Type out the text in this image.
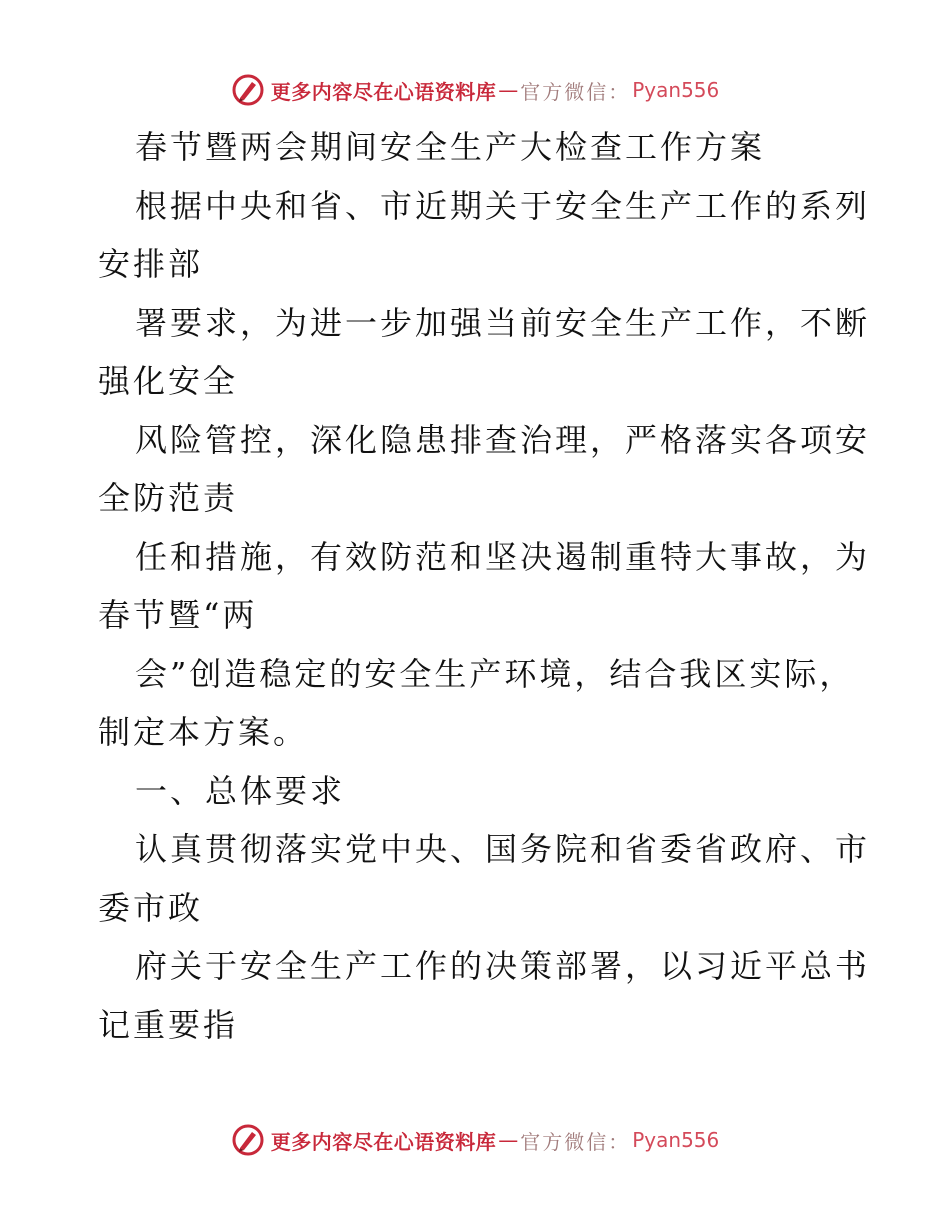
更多内容尽在心语资料库 — 官方微信： Pyan556
春节暨两会期间安全生产大检查工作方案
根据中央和省、市近期关于安全生产工作的系列
安排部
署要求，为进一步加强当前安全生产工作，不断
强化安全
风险管控，深化隐患排查治理，严格落实各项安
全防范责
任和措施，有效防范和坚决遏制重特大事故，为
春节暨“两
会”创造稳定的安全生产环境，结合我区实际，
制定本方案。
一、总体要求
认真贯彻落实党中央、国务院和省委省政府、市
委市政
府关于安全生产工作的决策部署，以习近平总书
记重要指
更多内容尽在心语资料库 — 官方微信： Pyan556
